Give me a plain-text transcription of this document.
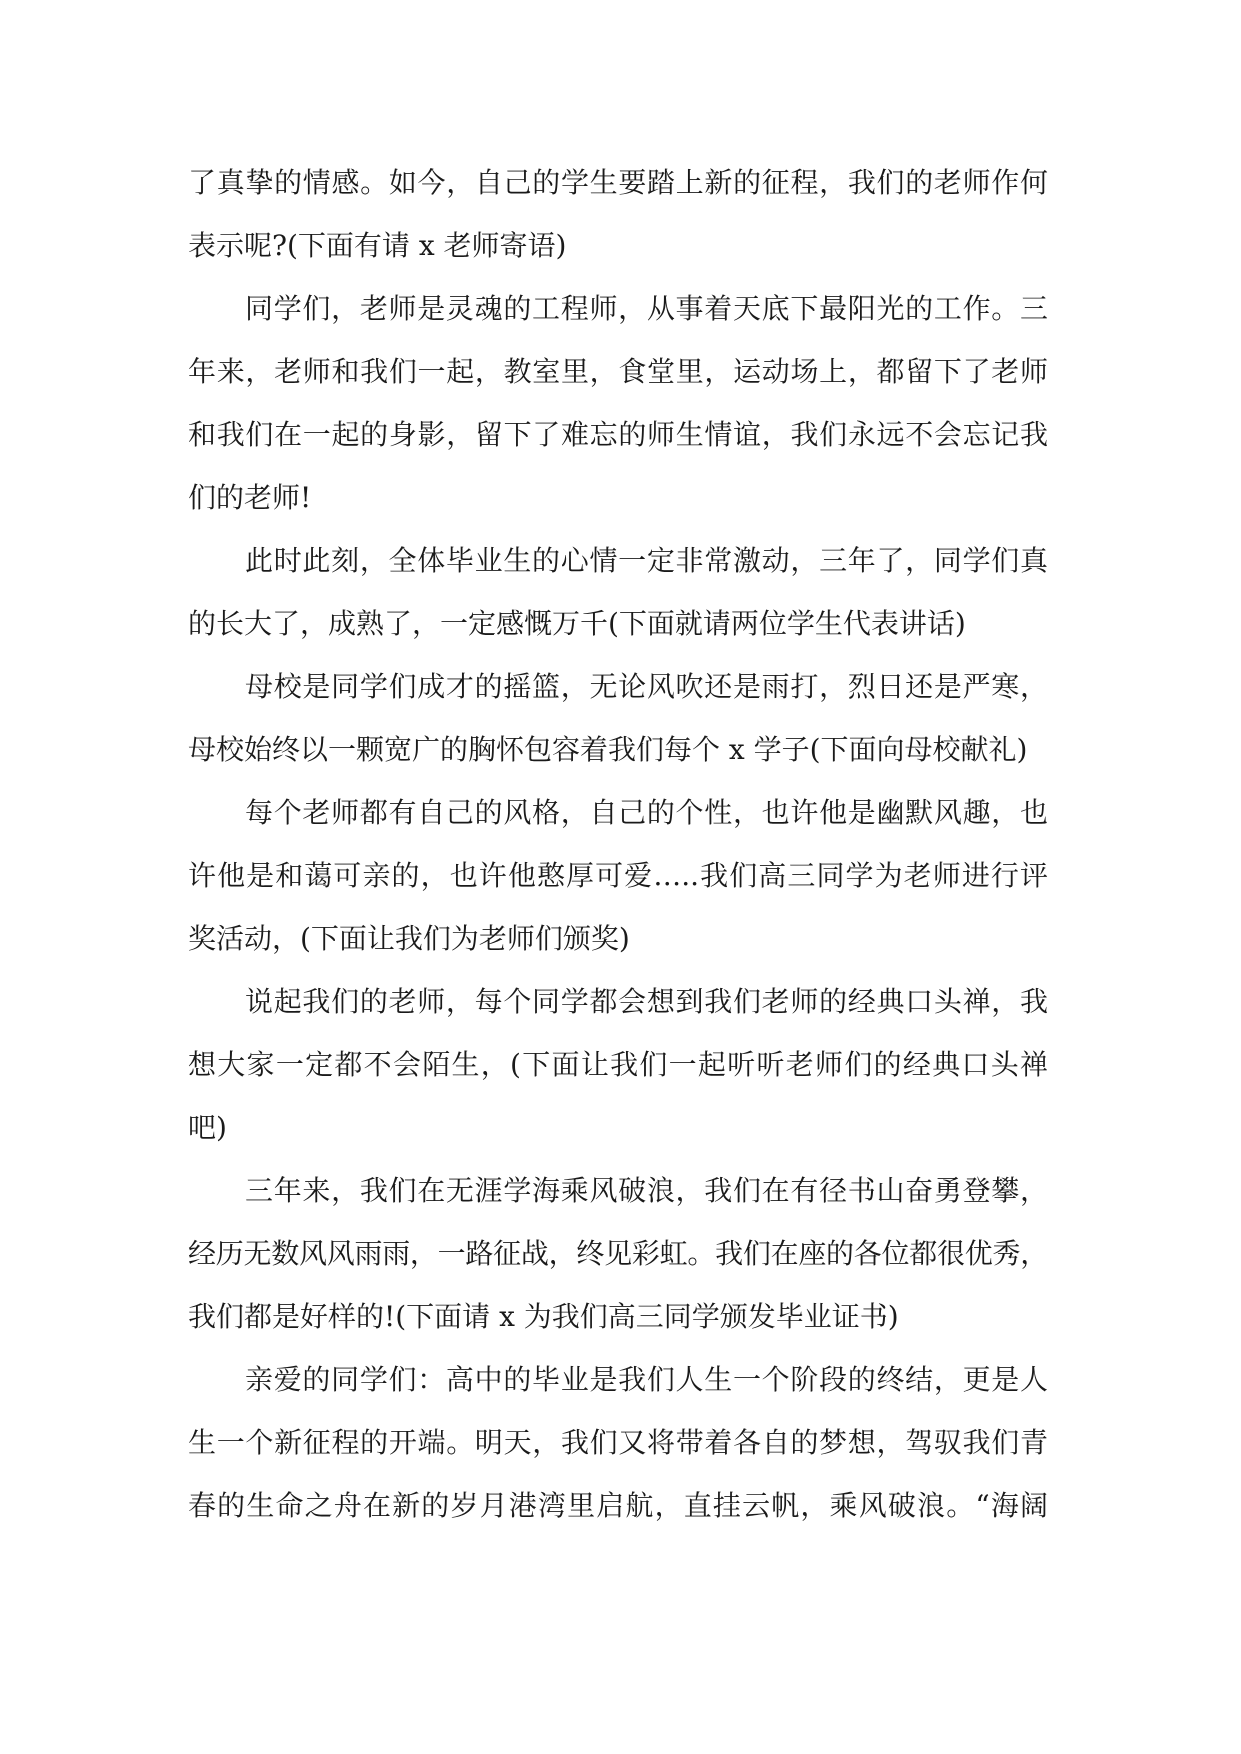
了真挚的情感。如今，自己的学生要踏上新的征程，我们的老师作何
表示呢?(下面有请 x 老师寄语)
同学们，老师是灵魂的工程师，从事着天底下最阳光的工作。三
年来，老师和我们一起，教室里，食堂里，运动场上，都留下了老师
和我们在一起的身影，留下了难忘的师生情谊，我们永远不会忘记我
们的老师!
此时此刻，全体毕业生的心情一定非常激动，三年了，同学们真
的长大了，成熟了，一定感慨万千(下面就请两位学生代表讲话)
母校是同学们成才的摇篮，无论风吹还是雨打，烈日还是严寒，
母校始终以一颗宽广的胸怀包容着我们每个 x 学子(下面向母校献礼)
每个老师都有自己的风格，自己的个性，也许他是幽默风趣，也
许他是和蔼可亲的，也许他憨厚可爱…..我们高三同学为老师进行评
奖活动，(下面让我们为老师们颁奖)
说起我们的老师，每个同学都会想到我们老师的经典口头禅，我
想大家一定都不会陌生，(下面让我们一起听听老师们的经典口头禅
吧)
三年来，我们在无涯学海乘风破浪，我们在有径书山奋勇登攀，
经历无数风风雨雨，一路征战，终见彩虹。我们在座的各位都很优秀，
我们都是好样的!(下面请 x 为我们高三同学颁发毕业证书)
亲爱的同学们：高中的毕业是我们人生一个阶段的终结，更是人
生一个新征程的开端。明天，我们又将带着各自的梦想，驾驭我们青
春的生命之舟在新的岁月港湾里启航，直挂云帆，乘风破浪。“海阔
